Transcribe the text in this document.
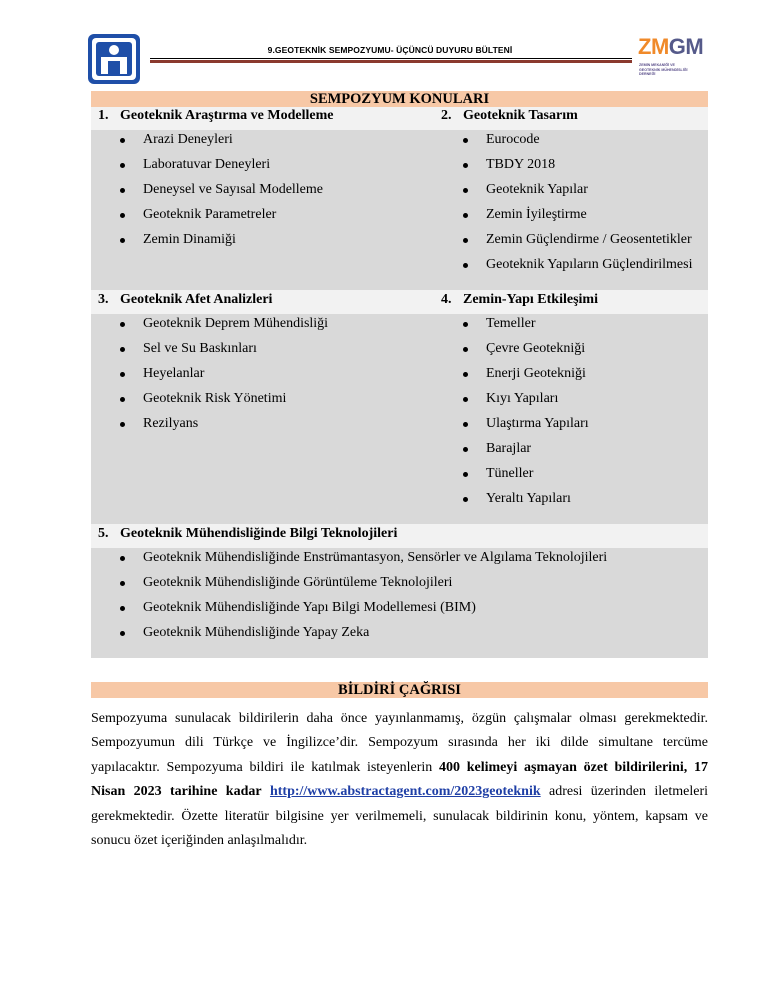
9.GEOTEKNİK SEMPOZYUMU- ÜÇÜNCÜ DUYURU BÜLTENİ	ZMGM
ZEMİN MEKANİĞİ VE
GEOTEKNİK MÜHENDİSLİĞİ
DERNEĞİ
SEMPOZYUM KONULARI
1. Geoteknik Araştırma ve Modelleme
Arazi Deneyleri
Laboratuvar Deneyleri
Deneysel ve Sayısal Modelleme
Geoteknik Parametreler
Zemin Dinamiği
2. Geoteknik Tasarım
Eurocode
TBDY 2018
Geoteknik Yapılar
Zemin İyileştirme
Zemin Güçlendirme / Geosentetikler
Geoteknik Yapıların Güçlendirilmesi
3. Geoteknik Afet Analizleri
Geoteknik Deprem Mühendisliği
Sel ve Su Baskınları
Heyelanlar
Geoteknik Risk Yönetimi
Rezilyans
4. Zemin-Yapı Etkileşimi
Temeller
Çevre Geotekniği
Enerji Geotekniği
Kıyı Yapıları
Ulaştırma Yapıları
Barajlar
Tüneller
Yeraltı Yapıları
5. Geoteknik Mühendisliğinde Bilgi Teknolojileri
Geoteknik Mühendisliğinde Enstrümantasyon, Sensörler ve Algılama Teknolojileri
Geoteknik Mühendisliğinde Görüntüleme Teknolojileri
Geoteknik Mühendisliğinde Yapı Bilgi Modellemesi (BIM)
Geoteknik Mühendisliğinde Yapay Zeka
BİLDİRİ ÇAĞRISI
Sempozyuma sunulacak bildirilerin daha önce yayınlanmamış, özgün çalışmalar olması gerekmektedir. Sempozyumun dili Türkçe ve İngilizce’dir. Sempozyum sırasında her iki dilde simultane tercüme yapılacaktır. Sempozyuma bildiri ile katılmak isteyenlerin 400 kelimeyi aşmayan özet bildirilerini, 17 Nisan 2023 tarihine kadar http://www.abstractagent.com/2023geoteknik adresi üzerinden iletmeleri gerekmektedir. Özette literatür bilgisine yer verilmemeli, sunulacak bildirinin konu, yöntem, kapsam ve sonucu özet içeriğinden anlaşılmalıdır.
